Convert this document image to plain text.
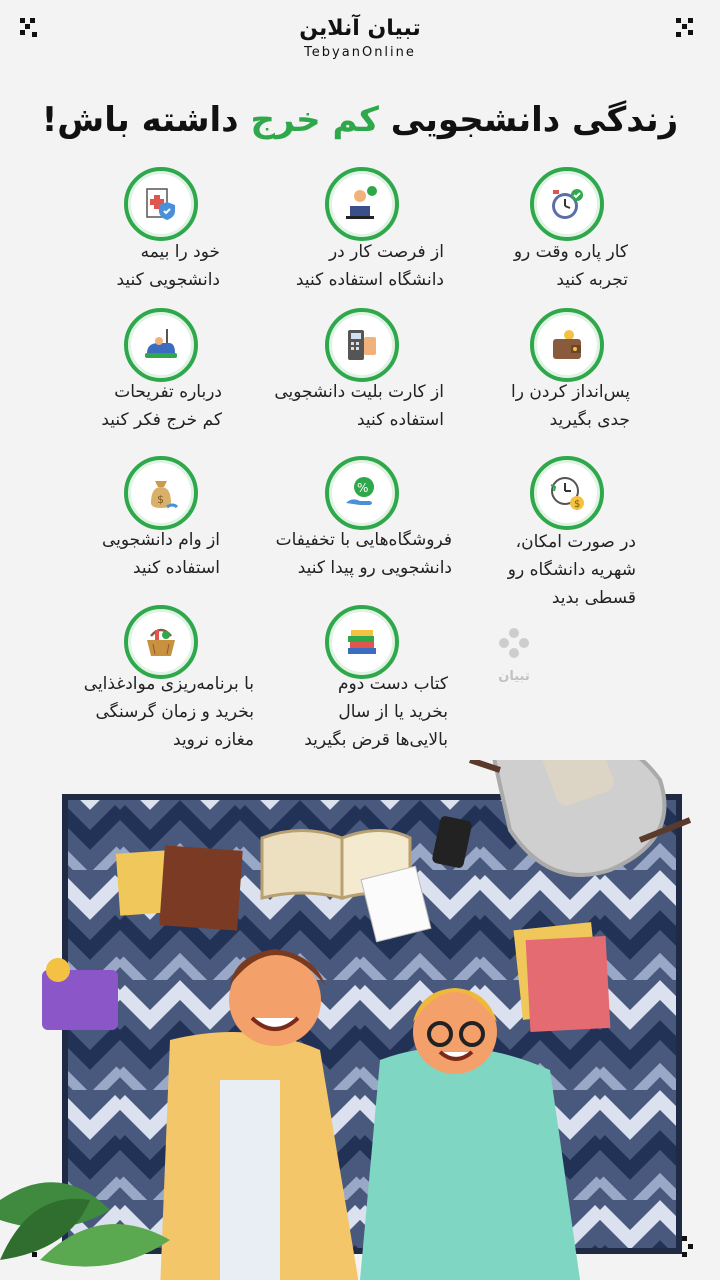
تبیان آنلاین
TebyanOnline
زندگی دانشجویی کم خرج داشته باش!
کار پاره وقت رو
تجربه کنید
از فرصت کار در
دانشگاه استفاده کنید
خود را بیمه
دانشجویی کنید
پس‌انداز کردن را
جدی بگیرید
از کارت بلیت دانشجویی
استفاده کنید
درباره تفریحات
کم خرج فکر کنید
$
در صورت امکان،
شهریه دانشگاه رو
قسطی بدید
%
فروشگاه‌هایی با تخفیفات
دانشجویی رو پیدا کنید
$
از وام دانشجویی
استفاده کنید
کتاب دست دوم
بخرید یا از سال
بالایی‌ها قرض بگیرید
با برنامه‌ریزی موادغذایی
بخرید و زمان گرسنگی
مغازه نروید
تبیان
